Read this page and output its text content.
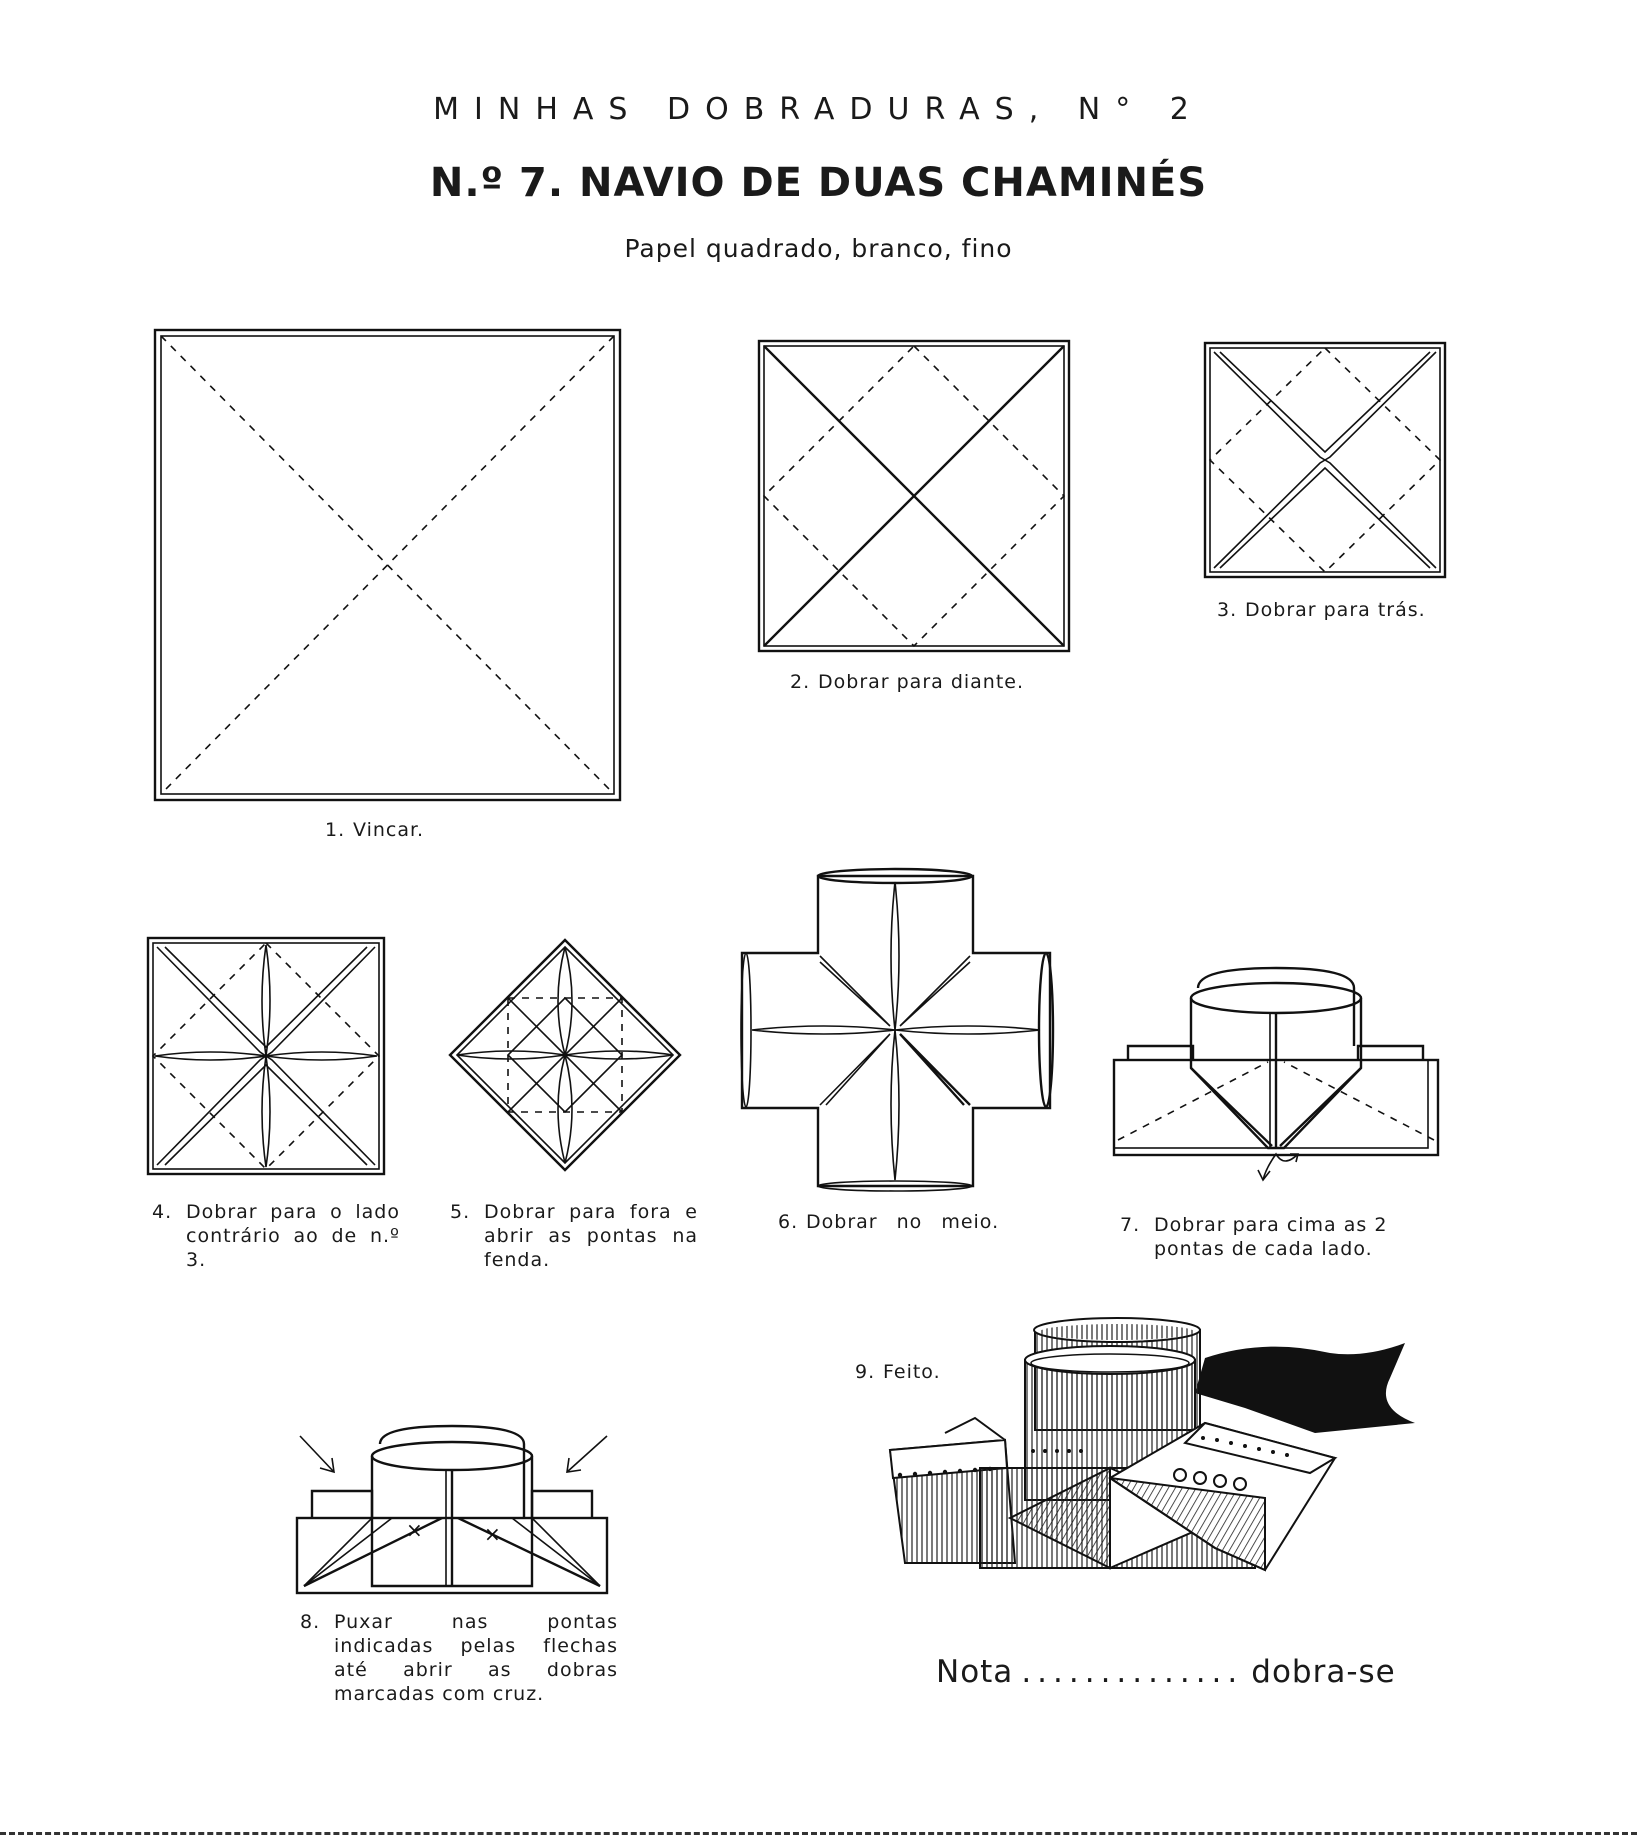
MINHAS DOBRADURAS, N° 2
N.º 7. NAVIO DE DUAS CHAMINÉS
Papel quadrado, branco, fino
1. Vincar.
2. Dobrar para diante.
3. Dobrar para trás.
4. Dobrar para o lado contrário ao de n.º 3.
5. Dobrar para fora e abrir as pontas na fenda.
6. Dobrar no meio.	7. Dobrar para cima as 2 pontas de cada lado.
×	×
8. Puxar nas pontas indicadas pelas flechas até abrir as dobras marcadas com cruz.
9. Feito.
Nota .............. dobra-se
